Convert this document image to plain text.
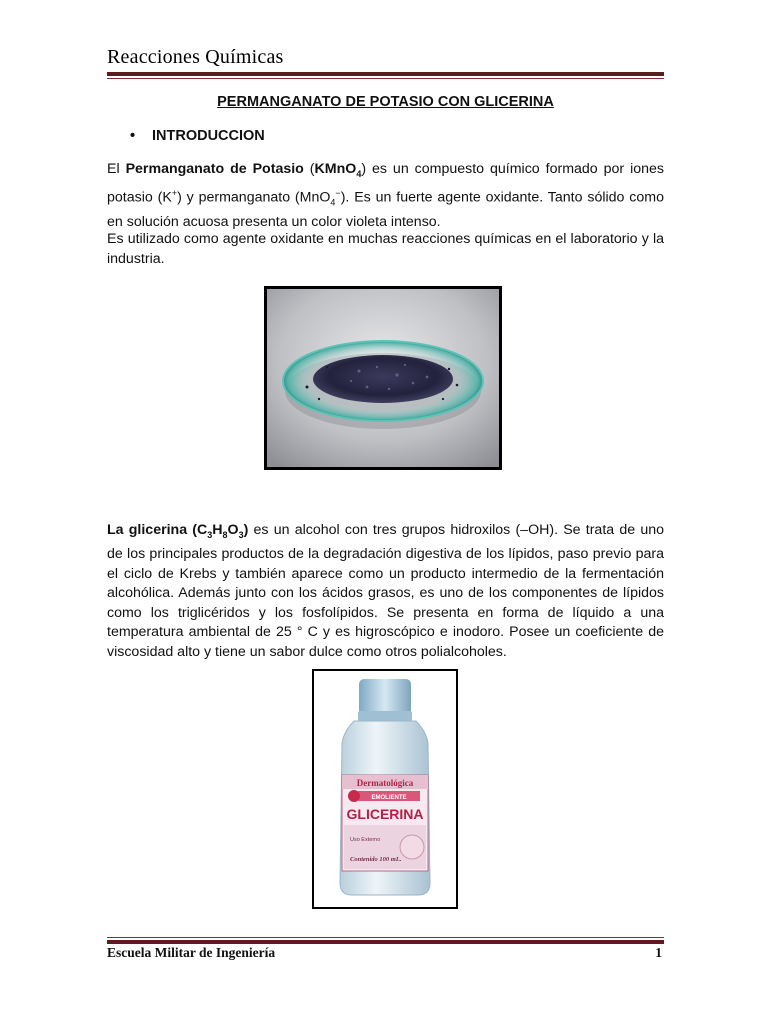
Reacciones Químicas
PERMANGANATO DE POTASIO CON GLICERINA
•	INTRODUCCION
El Permanganato de Potasio (KMnO$_4$) es un compuesto químico formado por iones potasio (K+) y permanganato (MnO$_4$−). Es un fuerte agente oxidante. Tanto sólido como en solución acuosa presenta un color violeta intenso.
Es utilizado como agente oxidante en muchas reacciones químicas en el laboratorio y la industria.
La glicerina $(C_3H_8O_3)$ es un alcohol con tres grupos hidroxilos (–OH). Se trata de uno de los principales productos de la degradación digestiva de los lípidos, paso previo para el ciclo de Krebs y también aparece como un producto intermedio de la fermentación alcohólica. Además junto con los ácidos grasos, es uno de los componentes de lípidos como los triglicéridos y los fosfolípidos. Se presenta en forma de líquido a una temperatura ambiental de 25 ° C y es higroscópico e inodoro. Posee un coeficiente de viscosidad alto y tiene un sabor dulce como otros polialcoholes.
Dermatológica
EMOLIENTE
GLICERINA
Uso Externo
Contenido 100 mL.
Escuela Militar de Ingeniería	1
